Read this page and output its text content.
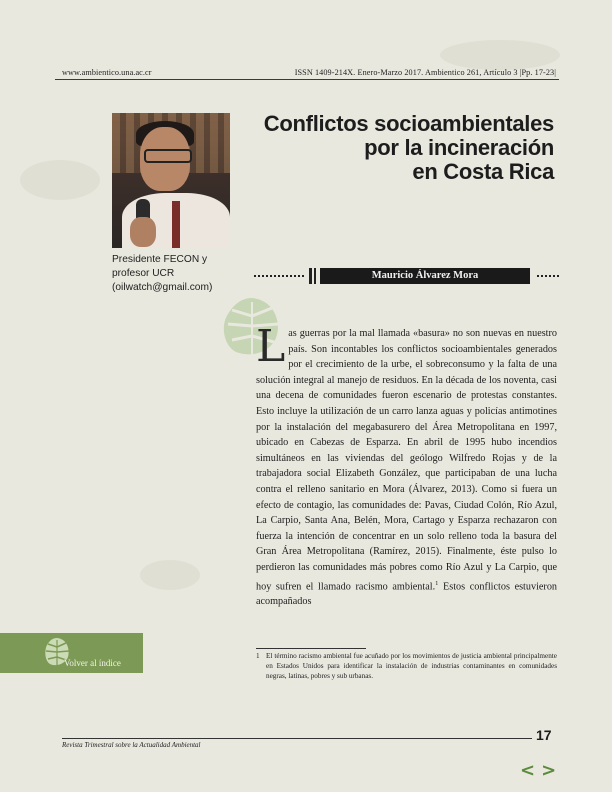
www.ambientico.una.ac.cr	ISSN 1409-214X. Enero-Marzo 2017. Ambientico 261, Artículo 3 |Pp. 17-23|
Presidente FECON y
profesor UCR
(oilwatch@gmail.com)
Conflictos socioambientales
por la incineración
en Costa Rica
Mauricio Álvarez Mora
Las guerras por la mal llamada «basura» no son nuevas en nuestro país. Son incontables los conflictos socioambientales generados por el crecimiento de la urbe, el sobreconsumo y la falta de una solución integral al manejo de residuos. En la década de los noventa, casi una decena de comunidades fueron escenario de protestas constantes. Esto incluye la utilización de un carro lanza aguas y policías antimotines por la instalación del megabasurero del Área Metropolitana en 1997, ubicado en Cabezas de Esparza. En abril de 1995 hubo incendios simultáneos en las viviendas del geólogo Wilfredo Rojas y de la trabajadora social Elizabeth González, que participaban de una lucha contra el relleno sanitario en Mora (Álvarez, 2013). Como si fuera un efecto de contagio, las comunidades de: Pavas, Ciudad Colón, Río Azul, La Carpio, Santa Ana, Belén, Mora, Cartago y Esparza rechazaron con fuerza la intención de concentrar en un solo relleno toda la basura del Gran Área Metropolitana (Ramírez, 2015). Finalmente, éste pulso lo perdieron las comunidades más pobres como Río Azul y La Carpio, que hoy sufren el llamado racismo ambiental.$^1$ Estos conflictos estuvieron acompañados
1 El término racismo ambiental fue acuñado por los movimientos de justicia ambiental principalmente en Estados Unidos para identificar la instalación de industrias contaminantes en comunidades negras, latinas, pobres y sub urbanas.
Volver al índice
Revista Trimestral sobre la Actualidad Ambiental
17
< >
